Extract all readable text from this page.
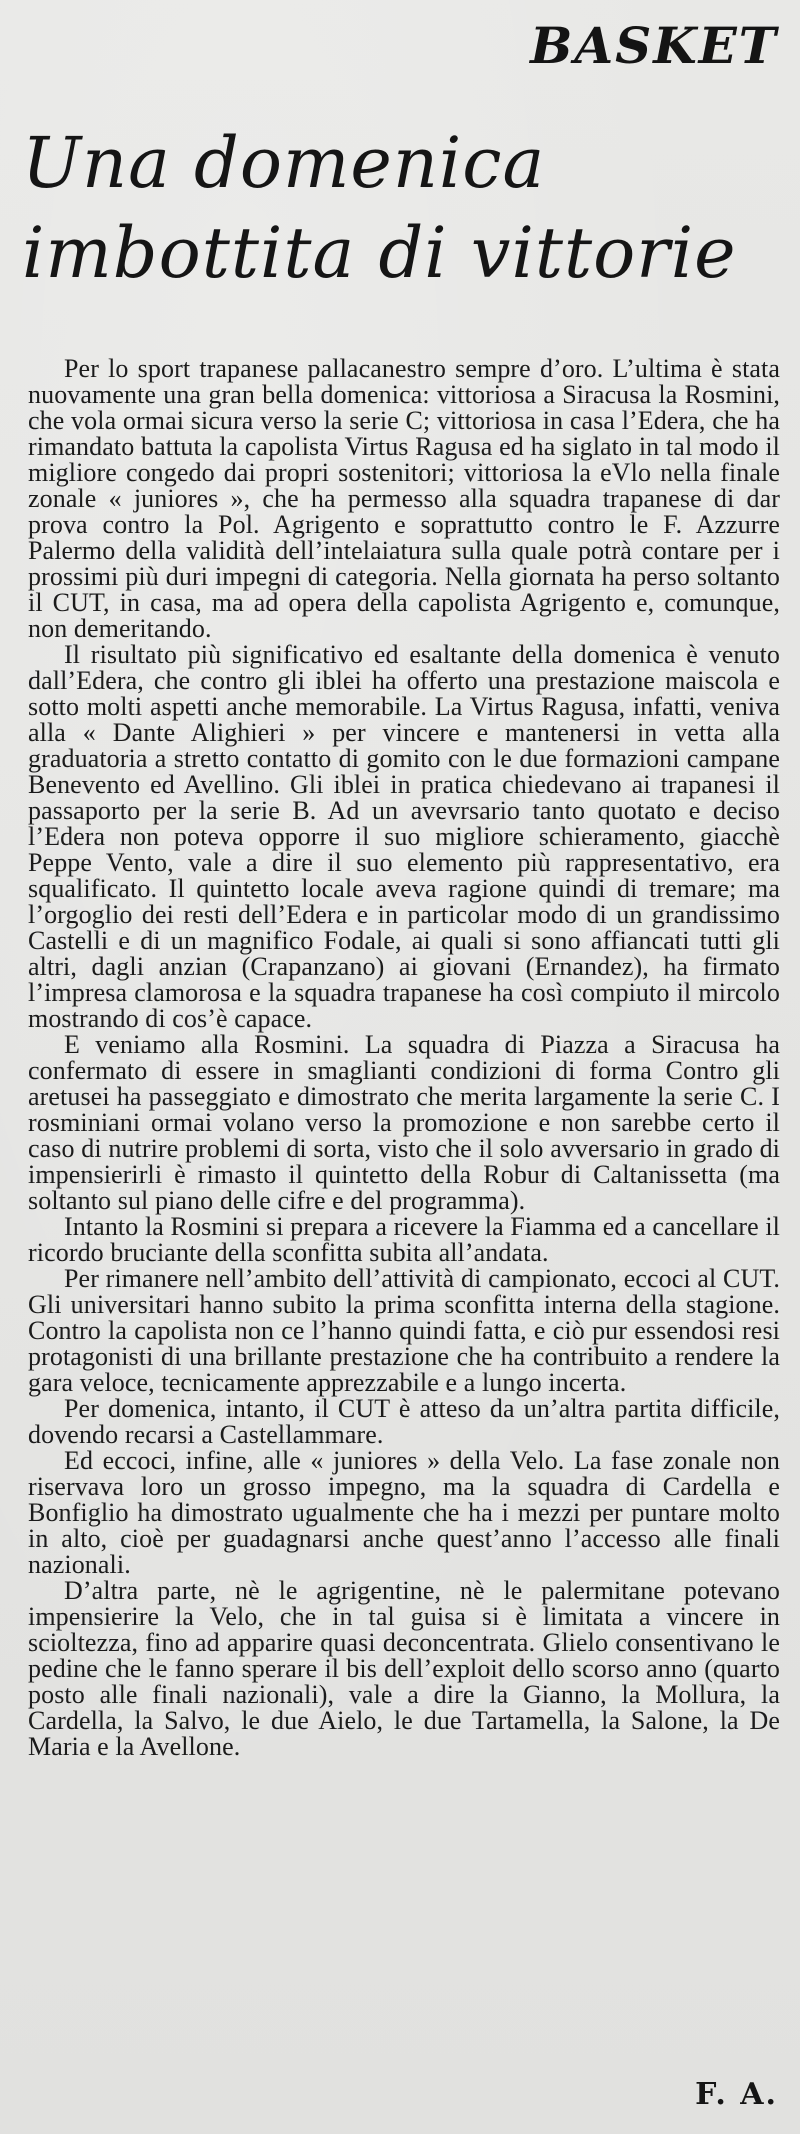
BASKET
Una domenica
imbottita di vittorie

Per lo sport trapanese pallacanestro sempre d’oro. L’ultima è stata nuovamente una gran bella domenica: vittoriosa a Siracusa la Rosmini, che vola ormai sicura verso la serie C; vittoriosa in casa l’Edera, che ha rimandato battuta la capolista Virtus Ragusa ed ha siglato in tal modo il migliore congedo dai propri sostenitori; vittoriosa la eVlo nella finale zonale « juniores », che ha permesso alla squadra trapanese di dar prova contro la Pol. Agrigento e soprattutto contro le F. Azzurre Palermo della validità dell’intelaiatura sulla quale potrà contare per i prossimi più duri impegni di categoria. Nella giornata ha perso soltanto il CUT, in casa, ma ad opera della capolista Agrigento e, comunque, non demeritando.

Il risultato più significativo ed esaltante della domenica è venuto dall’Edera, che contro gli iblei ha offerto una prestazione maiscola e sotto molti aspetti anche memorabile. La Virtus Ragusa, infatti, veniva alla « Dante Alighieri » per vincere e mantenersi in vetta alla graduatoria a stretto contatto di gomito con le due formazioni campane Benevento ed Avellino. Gli iblei in pratica chiedevano ai trapanesi il passaporto per la serie B. Ad un avevrsario tanto quotato e deciso l’Edera non poteva opporre il suo migliore schieramento, giacchè Peppe Vento, vale a dire il suo elemento più rappresentativo, era squalificato. Il quintetto locale aveva ragione quindi di tremare; ma l’orgoglio dei resti dell’Edera e in particolar modo di un grandissimo Castelli e di un magnifico Fodale, ai quali si sono affiancati tutti gli altri, dagli anzian (Crapanzano) ai giovani (Ernandez), ha firmato l’impresa clamorosa e la squadra trapanese ha così compiuto il mircolo mostrando di cos’è capace.

E veniamo alla Rosmini. La squadra di Piazza a Siracusa ha confermato di essere in smaglianti condizioni di forma Contro gli aretusei ha passeggiato e dimostrato che merita largamente la serie C. I rosminiani ormai volano verso la promozione e non sarebbe certo il caso di nutrire problemi di sorta, visto che il solo avversario in grado di impensierirli è rimasto il quintetto della Robur di Caltanissetta (ma soltanto sul piano delle cifre e del programma).

Intanto la Rosmini si prepara a ricevere la Fiamma ed a cancellare il ricordo bruciante della sconfitta subita all’andata.

Per rimanere nell’ambito dell’attività di campionato, eccoci al CUT. Gli universitari hanno subito la prima sconfitta interna della stagione. Contro la capolista non ce l’hanno quindi fatta, e ciò pur essendosi resi protagonisti di una brillante prestazione che ha contribuito a rendere la gara veloce, tecnicamente apprezzabile e a lungo incerta.

Per domenica, intanto, il CUT è atteso da un’altra partita difficile, dovendo recarsi a Castellammare.

Ed eccoci, infine, alle « juniores » della Velo. La fase zonale non riservava loro un grosso impegno, ma la squadra di Cardella e Bonfiglio ha dimostrato ugualmente che ha i mezzi per puntare molto in alto, cioè per guadagnarsi anche quest’anno l’accesso alle finali nazionali.

D’altra parte, nè le agrigentine, nè le palermitane potevano impensierire la Velo, che in tal guisa si è limitata a vincere in scioltezza, fino ad apparire quasi deconcentrata. Glielo consentivano le pedine che le fanno sperare il bis dell’exploit dello scorso anno (quarto posto alle finali nazionali), vale a dire la Gianno, la Mollura, la Cardella, la Salvo, le due Aielo, le due Tartamella, la Salone, la De Maria e la Avellone.

F. A.
